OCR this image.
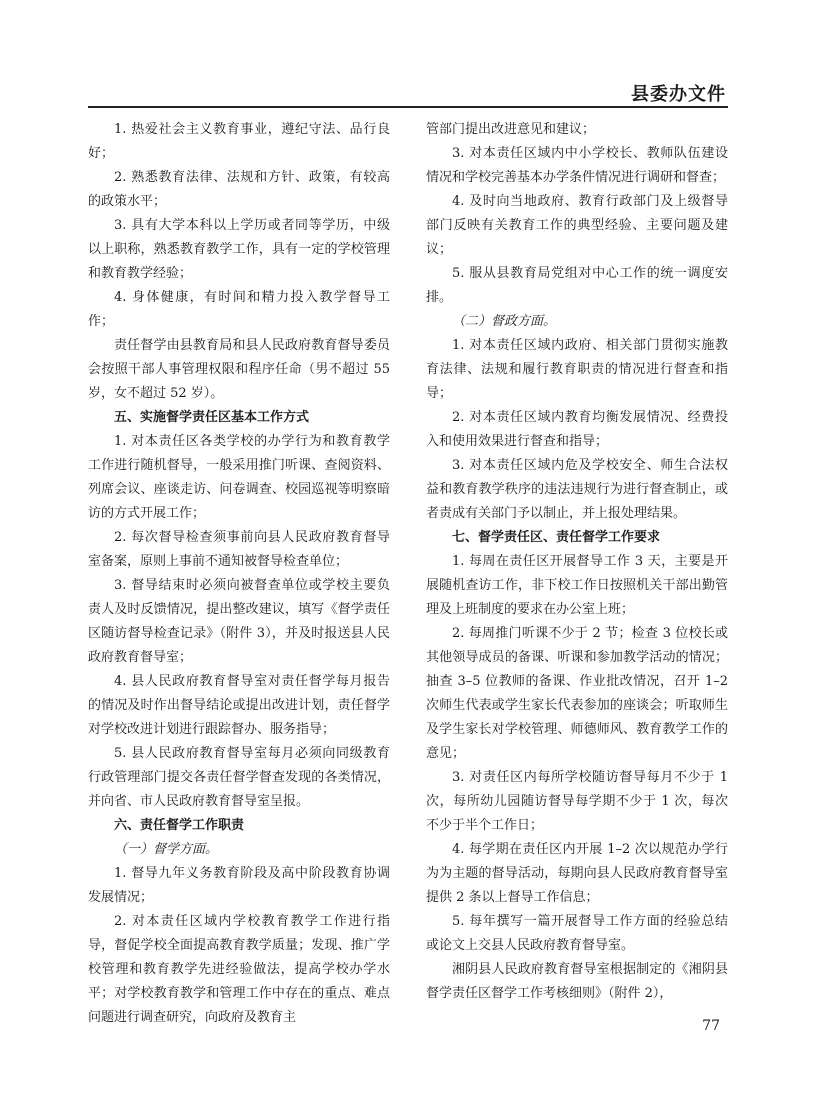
县委办文件

1. 热爱社会主义教育事业，遵纪守法、品行良好；

2. 熟悉教育法律、法规和方针、政策，有较高的政策水平；

3. 具有大学本科以上学历或者同等学历，中级以上职称，熟悉教育教学工作，具有一定的学校管理和教育教学经验；

4. 身体健康，有时间和精力投入教学督导工作；

责任督学由县教育局和县人民政府教育督导委员会按照干部人事管理权限和程序任命（男不超过 55 岁，女不超过 52 岁）。

五、实施督学责任区基本工作方式

1. 对本责任区各类学校的办学行为和教育教学工作进行随机督导，一般采用推门听课、查阅资料、列席会议、座谈走访、问卷调查、校园巡视等明察暗访的方式开展工作；

2. 每次督导检查须事前向县人民政府教育督导室备案，原则上事前不通知被督导检查单位；

3. 督导结束时必须向被督查单位或学校主要负责人及时反馈情况，提出整改建议，填写《督学责任区随访督导检查记录》（附件 3），并及时报送县人民政府教育督导室；

4. 县人民政府教育督导室对责任督学每月报告的情况及时作出督导结论或提出改进计划，责任督学对学校改进计划进行跟踪督办、服务指导；

5. 县人民政府教育督导室每月必须向同级教育行政管理部门提交各责任督学督查发现的各类情况，并向省、市人民政府教育督导室呈报。

六、责任督学工作职责

（一）督学方面。

1. 督导九年义务教育阶段及高中阶段教育协调发展情况；

2. 对本责任区域内学校教育教学工作进行指导，督促学校全面提高教育教学质量；发现、推广学校管理和教育教学先进经验做法，提高学校办学水平；对学校教育教学和管理工作中存在的重点、难点问题进行调查研究，向政府及教育主

管部门提出改进意见和建议；

3. 对本责任区域内中小学校长、教师队伍建设情况和学校完善基本办学条件情况进行调研和督查；

4. 及时向当地政府、教育行政部门及上级督导部门反映有关教育工作的典型经验、主要问题及建议；

5. 服从县教育局党组对中心工作的统一调度安排。

（二）督政方面。

1. 对本责任区域内政府、相关部门贯彻实施教育法律、法规和履行教育职责的情况进行督查和指导；

2. 对本责任区域内教育均衡发展情况、经费投入和使用效果进行督查和指导；

3. 对本责任区域内危及学校安全、师生合法权益和教育教学秩序的违法违规行为进行督查制止，或者责成有关部门予以制止，并上报处理结果。

七、督学责任区、责任督学工作要求

1. 每周在责任区开展督导工作 3 天，主要是开展随机查访工作，非下校工作日按照机关干部出勤管理及上班制度的要求在办公室上班；

2. 每周推门听课不少于 2 节；检查 3 位校长或其他领导成员的备课、听课和参加教学活动的情况；抽查 3–5 位教师的备课、作业批改情况，召开 1–2 次师生代表或学生家长代表参加的座谈会；听取师生及学生家长对学校管理、师德师风、教育教学工作的意见；

3. 对责任区内每所学校随访督导每月不少于 1 次，每所幼儿园随访督导每学期不少于 1 次，每次不少于半个工作日；

4. 每学期在责任区内开展 1–2 次以规范办学行为为主题的督导活动，每期向县人民政府教育督导室提供 2 条以上督导工作信息；

5. 每年撰写一篇开展督导工作方面的经验总结或论文上交县人民政府教育督导室。

湘阴县人民政府教育督导室根据制定的《湘阴县督学责任区督学工作考核细则》（附件 2），

77
